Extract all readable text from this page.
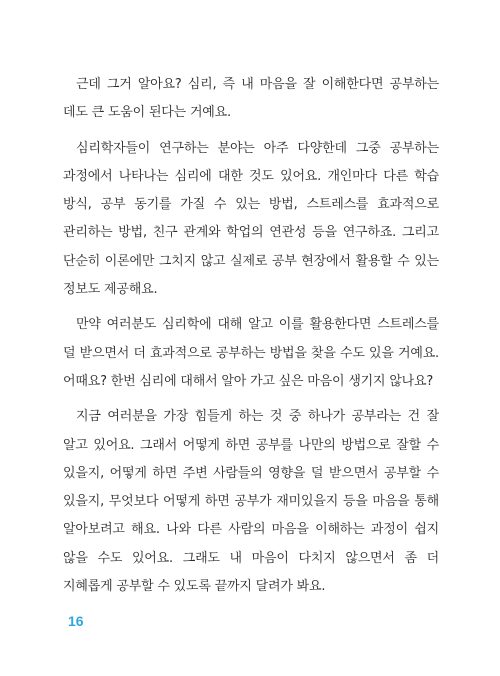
근데 그거 알아요? 심리, 즉 내 마음을 잘 이해한다면 공부하는 데도 큰 도움이 된다는 거예요.

심리학자들이 연구하는 분야는 아주 다양한데 그중 공부하는 과정에서 나타나는 심리에 대한 것도 있어요. 개인마다 다른 학습 방식, 공부 동기를 가질 수 있는 방법, 스트레스를 효과적으로 관리하는 방법, 친구 관계와 학업의 연관성 등을 연구하죠. 그리고 단순히 이론에만 그치지 않고 실제로 공부 현장에서 활용할 수 있는 정보도 제공해요.

만약 여러분도 심리학에 대해 알고 이를 활용한다면 스트레스를 덜 받으면서 더 효과적으로 공부하는 방법을 찾을 수도 있을 거예요. 어때요? 한번 심리에 대해서 알아 가고 싶은 마음이 생기지 않나요?

지금 여러분을 가장 힘들게 하는 것 중 하나가 공부라는 건 잘 알고 있어요. 그래서 어떻게 하면 공부를 나만의 방법으로 잘할 수 있을지, 어떻게 하면 주변 사람들의 영향을 덜 받으면서 공부할 수 있을지, 무엇보다 어떻게 하면 공부가 재미있을지 등을 마음을 통해 알아보려고 해요. 나와 다른 사람의 마음을 이해하는 과정이 쉽지 않을 수도 있어요. 그래도 내 마음이 다치지 않으면서 좀 더 지혜롭게 공부할 수 있도록 끝까지 달려가 봐요.

16
